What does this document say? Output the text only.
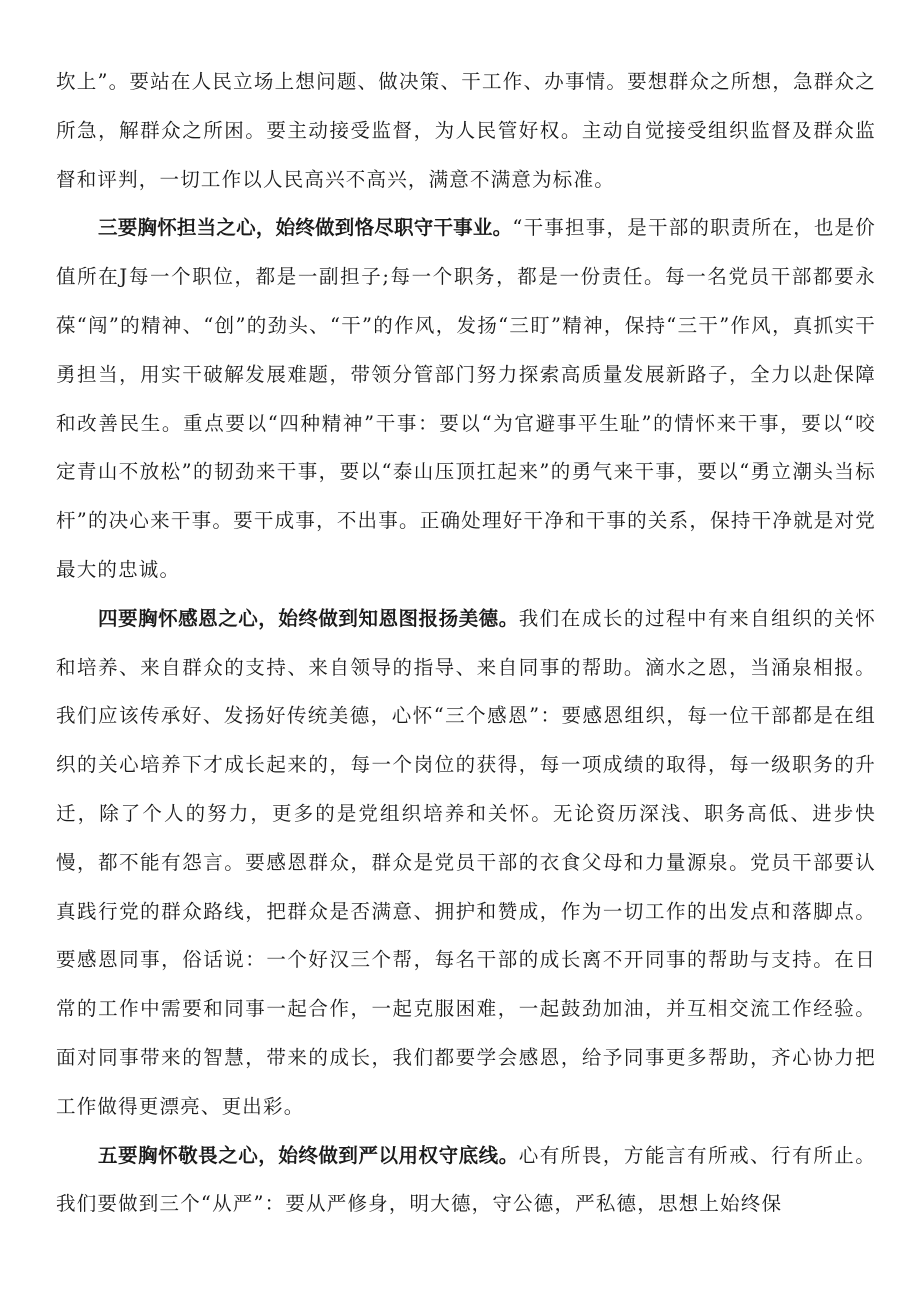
坎上”。要站在人民立场上想问题、做决策、干工作、办事情。要想群众之所想，急群众之所急，解群众之所困。要主动接受监督，为人民管好权。主动自觉接受组织监督及群众监督和评判，一切工作以人民高兴不高兴，满意不满意为标准。

三要胸怀担当之心，始终做到恪尽职守干事业。“干事担事，是干部的职责所在，也是价值所在J每一个职位，都是一副担子;每一个职务，都是一份责任。每一名党员干部都要永葆“闯”的精神、“创”的劲头、“干”的作风，发扬“三盯”精神，保持“三干”作风，真抓实干勇担当，用实干破解发展难题，带领分管部门努力探索高质量发展新路子，全力以赴保障和改善民生。重点要以“四种精神”干事：要以“为官避事平生耻”的情怀来干事，要以“咬定青山不放松”的韧劲来干事，要以“泰山压顶扛起来”的勇气来干事，要以“勇立潮头当标杆”的决心来干事。要干成事，不出事。正确处理好干净和干事的关系，保持干净就是对党最大的忠诚。

四要胸怀感恩之心，始终做到知恩图报扬美德。我们在成长的过程中有来自组织的关怀和培养、来自群众的支持、来自领导的指导、来自同事的帮助。滴水之恩，当涌泉相报。我们应该传承好、发扬好传统美德，心怀“三个感恩”：要感恩组织，每一位干部都是在组织的关心培养下才成长起来的，每一个岗位的获得，每一项成绩的取得，每一级职务的升迁，除了个人的努力，更多的是党组织培养和关怀。无论资历深浅、职务高低、进步快慢，都不能有怨言。要感恩群众，群众是党员干部的衣食父母和力量源泉。党员干部要认真践行党的群众路线，把群众是否满意、拥护和赞成，作为一切工作的出发点和落脚点。要感恩同事，俗话说：一个好汉三个帮，每名干部的成长离不开同事的帮助与支持。在日常的工作中需要和同事一起合作，一起克服困难，一起鼓劲加油，并互相交流工作经验。面对同事带来的智慧，带来的成长，我们都要学会感恩，给予同事更多帮助，齐心协力把工作做得更漂亮、更出彩。

五要胸怀敬畏之心，始终做到严以用权守底线。心有所畏，方能言有所戒、行有所止。我们要做到三个“从严”：要从严修身，明大德，守公德，严私德，思想上始终保
